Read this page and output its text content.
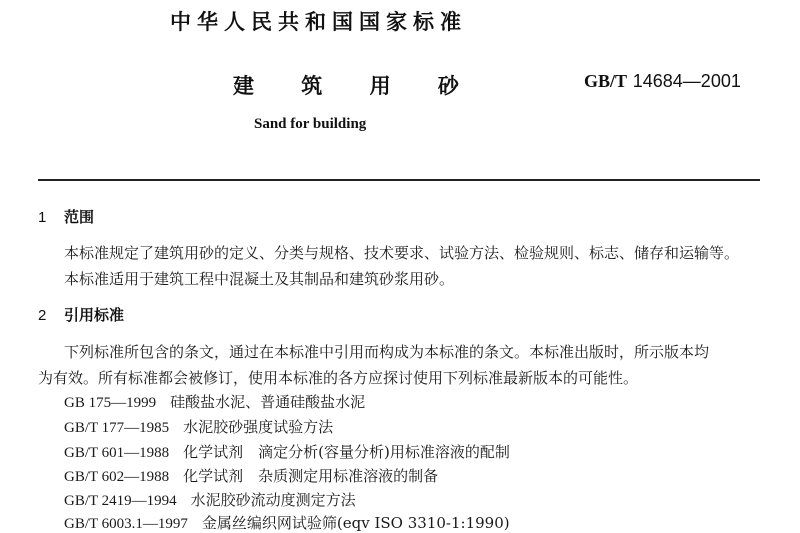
中华人民共和国国家标准
建 筑 用 砂	GB/T 14684—2001
Sand for building
1 范围
本标准规定了建筑用砂的定义、分类与规格、技术要求、试验方法、检验规则、标志、储存和运输等。
本标准适用于建筑工程中混凝土及其制品和建筑砂浆用砂。
2 引用标准
下列标准所包含的条文，通过在本标准中引用而构成为本标准的条文。本标准出版时，所示版本均
为有效。所有标准都会被修订，使用本标准的各方应探讨使用下列标准最新版本的可能性。
GB 175—1999 硅酸盐水泥、普通硅酸盐水泥
GB/T 177—1985 水泥胶砂强度试验方法
GB/T 601—1988 化学试剂　滴定分析(容量分析)用标准溶液的配制
GB/T 602—1988 化学试剂　杂质测定用标准溶液的制备
GB/T 2419—1994 水泥胶砂流动度测定方法
GB/T 6003.1—1997 金属丝编织网试验筛(eqv ISO 3310-1:1990)
